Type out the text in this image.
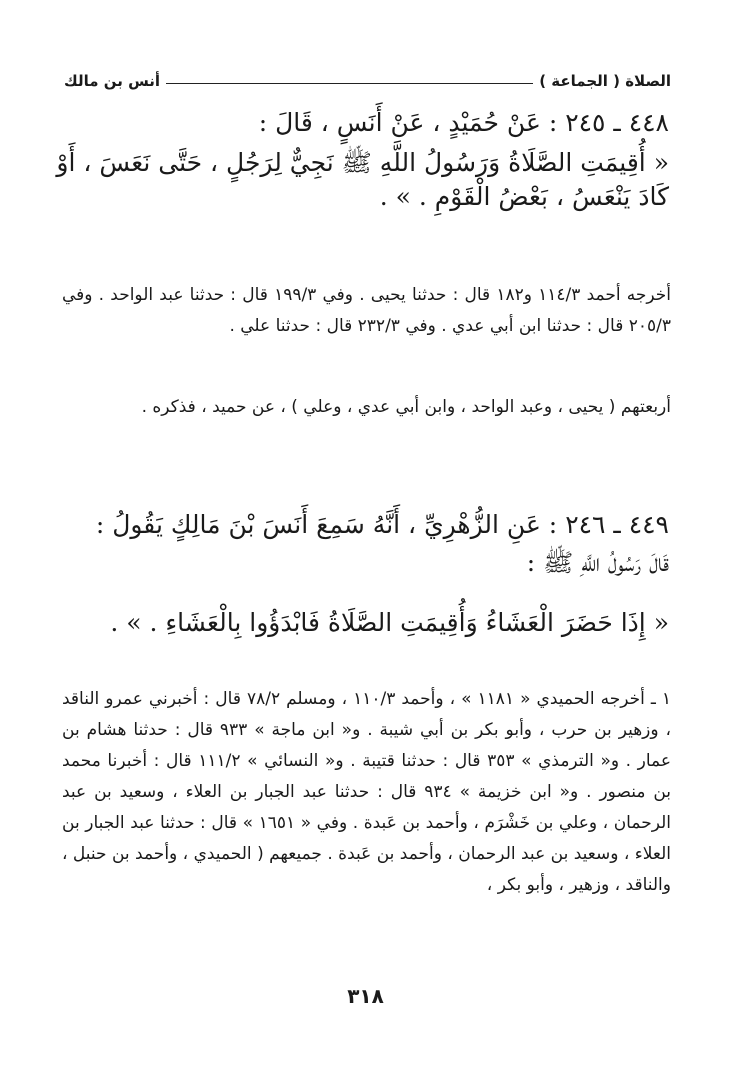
الصلاة ( الجماعة )
أنس بن مالك
٤٤٨ ـ ٢٤٥ : عَنْ حُمَيْدٍ ، عَنْ أَنَسٍ ، قَالَ :

« أُقِيمَتِ الصَّلَاةُ وَرَسُولُ اللَّهِ ﷺ نَجِيٌّ لِرَجُلٍ ، حَتَّى نَعَسَ ، أَوْ

كَادَ يَنْعَسُ ، بَعْضُ الْقَوْمِ . » .

أخرجه أحمد ١١٤/٣ و١٨٢ قال : حدثنا يحيى . وفي ١٩٩/٣ قال : حدثنا عبد الواحد . وفي ٢٠٥/٣ قال : حدثنا ابن أبي عدي . وفي ٢٣٢/٣ قال : حدثنا علي .

أربعتهم ( يحيى ، وعبد الواحد ، وابن أبي عدي ، وعلي ) ، عن حميد ، فذكره .

٤٤٩ ـ ٢٤٦ : عَنِ الزُّهْرِيِّ ، أَنَّهُ سَمِعَ أَنَسَ بْنَ مَالِكٍ يَقُولُ :
قَالَ رَسُولُ اللَّهِ ﷺ :

« إِذَا حَضَرَ الْعَشَاءُ وَأُقِيمَتِ الصَّلَاةُ فَابْدَؤُوا بِالْعَشَاءِ . » .

١ ـ أخرجه الحميدي « ١١٨١ » ، وأحمد ١١٠/٣ ، ومسلم ٧٨/٢ قال : أخبرني عمرو الناقد ، وزهير بن حرب ، وأبو بكر بن أبي شيبة . و« ابن ماجة » ٩٣٣ قال : حدثنا هشام بن عمار . و« الترمذي » ٣٥٣ قال : حدثنا قتيبة . و« النسائي » ١١١/٢ قال : أخبرنا محمد بن منصور . و« ابن خزيمة » ٩٣٤ قال : حدثنا عبد الجبار بن العلاء ، وسعيد بن عبد الرحمان ، وعلي بن خَشْرَم ، وأحمد بن عَبدة . وفي « ١٦٥١ » قال : حدثنا عبد الجبار بن العلاء ، وسعيد بن عبد الرحمان ، وأحمد بن عَبدة . جميعهم ( الحميدي ، وأحمد بن حنبل ، والناقد ، وزهير ، وأبو بكر ،

٣١٨
